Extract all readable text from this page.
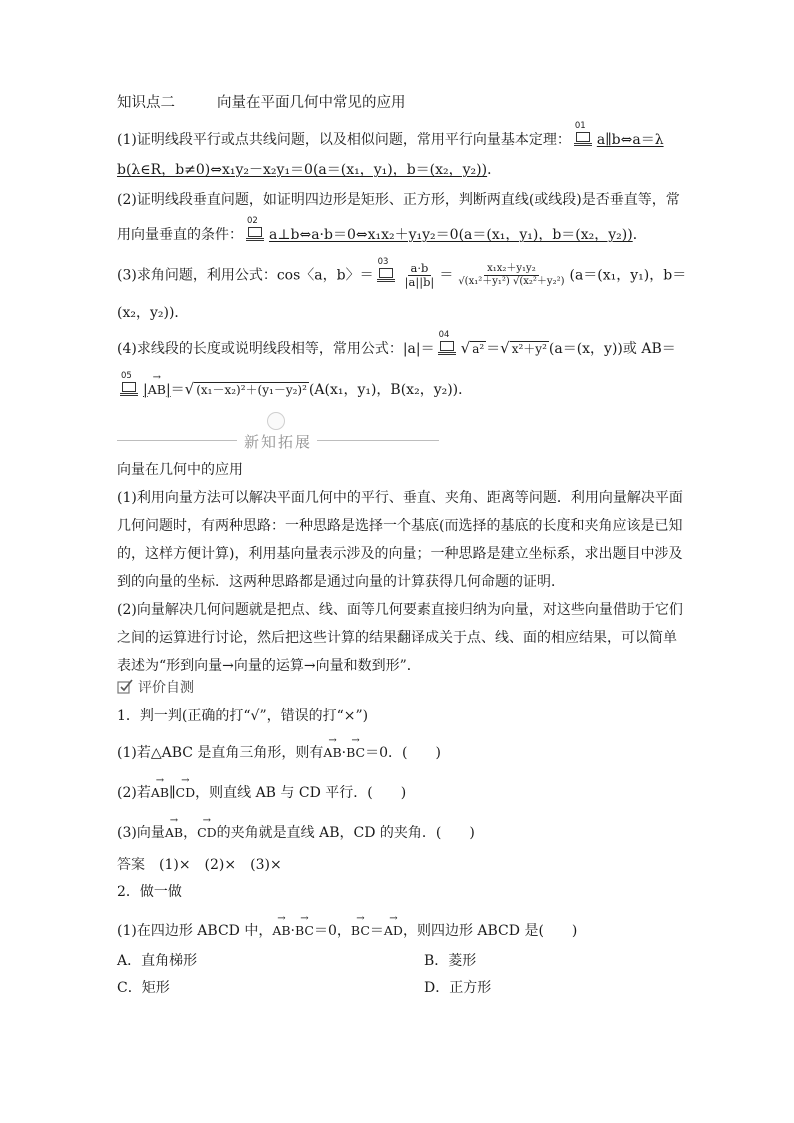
知识点二	向量在平面几何中常见的应用
(1)证明线段平行或点共线问题，以及相似问题，常用平行向量基本定理：
01
a∥b⇔a＝λ
b(λ∈R，b≠0)⇔x₁y₂－x₂y₁＝0(a＝(x₁，y₁)，b＝(x₂，y₂))．
(2)证明线段垂直问题，如证明四边形是矩形、正方形，判断两直线(或线段)是否垂直等，常
用向量垂直的条件：
02
a⊥b⇔a·b＝0⇔x₁x₂＋y₁y₂＝0(a＝(x₁，y₁)，b＝(x₂，y₂))．
(3)求角问题，利用公式：cos〈a，b〉＝
03
$\frac{a\cdot b}{|a||b|} = \frac{\text{x₁x₂＋y₁y₂}}{\text{√(x₁²＋y₁²) √(x₂²＋y₂²)}} (a=(x_1$，y₁)，b＝
(x₂，y₂))．
(4)求线段的长度或说明线段相等，常用公式：|a|＝
04
√ a² ＝√ x²＋y² (a＝(x，y))或 AB＝
05
|→ AB|＝√ (x₁－x₂)²＋(y₁－y₂)² (A(x₁，y₁)，B(x₂，y₂))．
新知拓展
向量在几何中的应用
(1)利用向量方法可以解决平面几何中的平行、垂直、夹角、距离等问题．利用向量解决平面
几何问题时，有两种思路：一种思路是选择一个基底(而选择的基底的长度和夹角应该是已知
的，这样方便计算)，利用基向量表示涉及的向量；一种思路是建立坐标系，求出题目中涉及
到的向量的坐标．这两种思路都是通过向量的计算获得几何命题的证明．
(2)向量解决几何问题就是把点、线、面等几何要素直接归纳为向量，对这些向量借助于它们
之间的运算进行讨论，然后把这些计算的结果翻译成关于点、线、面的相应结果，可以简单
表述为“形到向量→向量的运算→向量和数到形”．
评价自测
1．判一判(正确的打“√”，错误的打“×”)
(1)若△ABC 是直角三角形，则有→ AB·→ BC＝0．(　　)
(2)若→ AB∥→ CD，则直线 AB 与 CD 平行．(　　)
(3)向量→ AB，→ CD的夹角就是直线 AB，CD 的夹角．(　　)
答案　(1)×　(2)×　(3)×
2．做一做
(1)在四边形 ABCD 中，→ AB·→ BC＝0，→ BC＝→ AD，则四边形 ABCD 是(　　)
A．直角梯形	B．菱形
C．矩形	D．正方形
